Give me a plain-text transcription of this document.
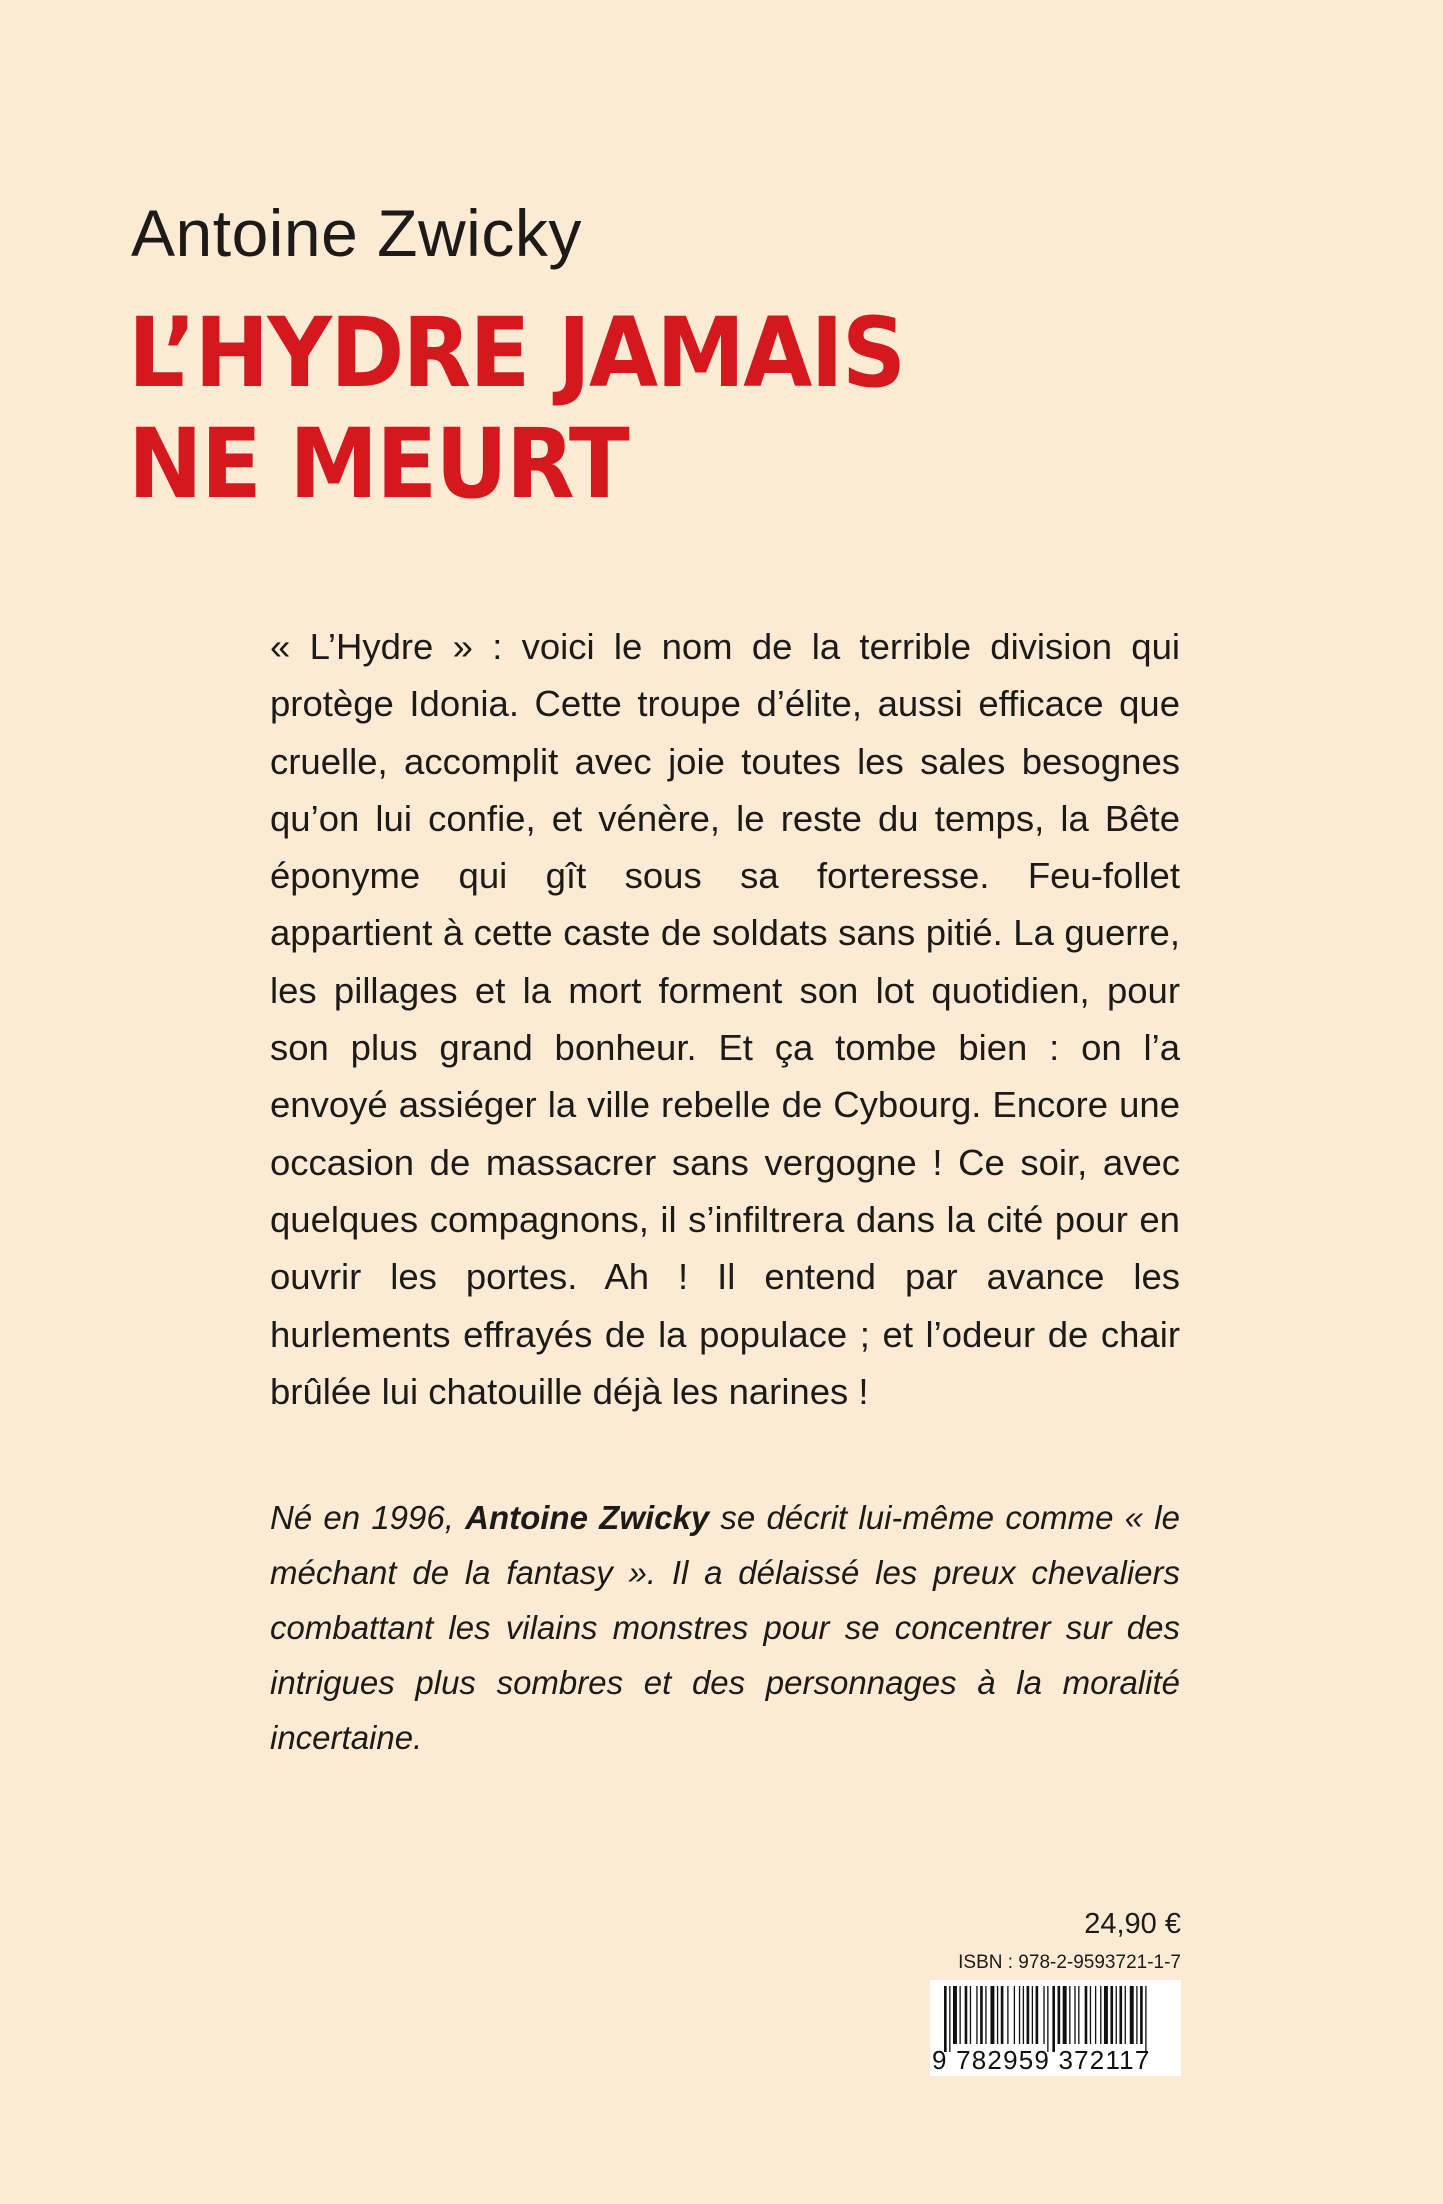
Antoine Zwicky
L’HYDRE JAMAIS
NE MEURT

« L’Hydre » : voici le nom de la terrible division qui protège Idonia. Cette troupe d’élite, aussi efficace que cruelle, accomplit avec joie toutes les sales besognes qu’on lui confie, et vénère, le reste du temps, la Bête éponyme qui gît sous sa forteresse. Feu-follet appartient à cette caste de soldats sans pitié. La guerre, les pillages et la mort forment son lot quotidien, pour son plus grand bonheur. Et ça tombe bien : on l’a envoyé assiéger la ville rebelle de Cybourg. Encore une occasion de massacrer sans vergogne ! Ce soir, avec quelques compagnons, il s’infiltrera dans la cité pour en ouvrir les portes. Ah ! Il entend par avance les hurlements effrayés de la populace ; et l’odeur de chair brûlée lui chatouille déjà les narines !

Né en 1996, Antoine Zwicky se décrit lui-même comme « le méchant de la fantasy ». Il a délaissé les preux chevaliers combattant les vilains monstres pour se concentrer sur des intrigues plus sombres et des personnages à la moralité incertaine.

24,90 €

ISBN : 978-2-9593721-1-7

9 782959 372117
